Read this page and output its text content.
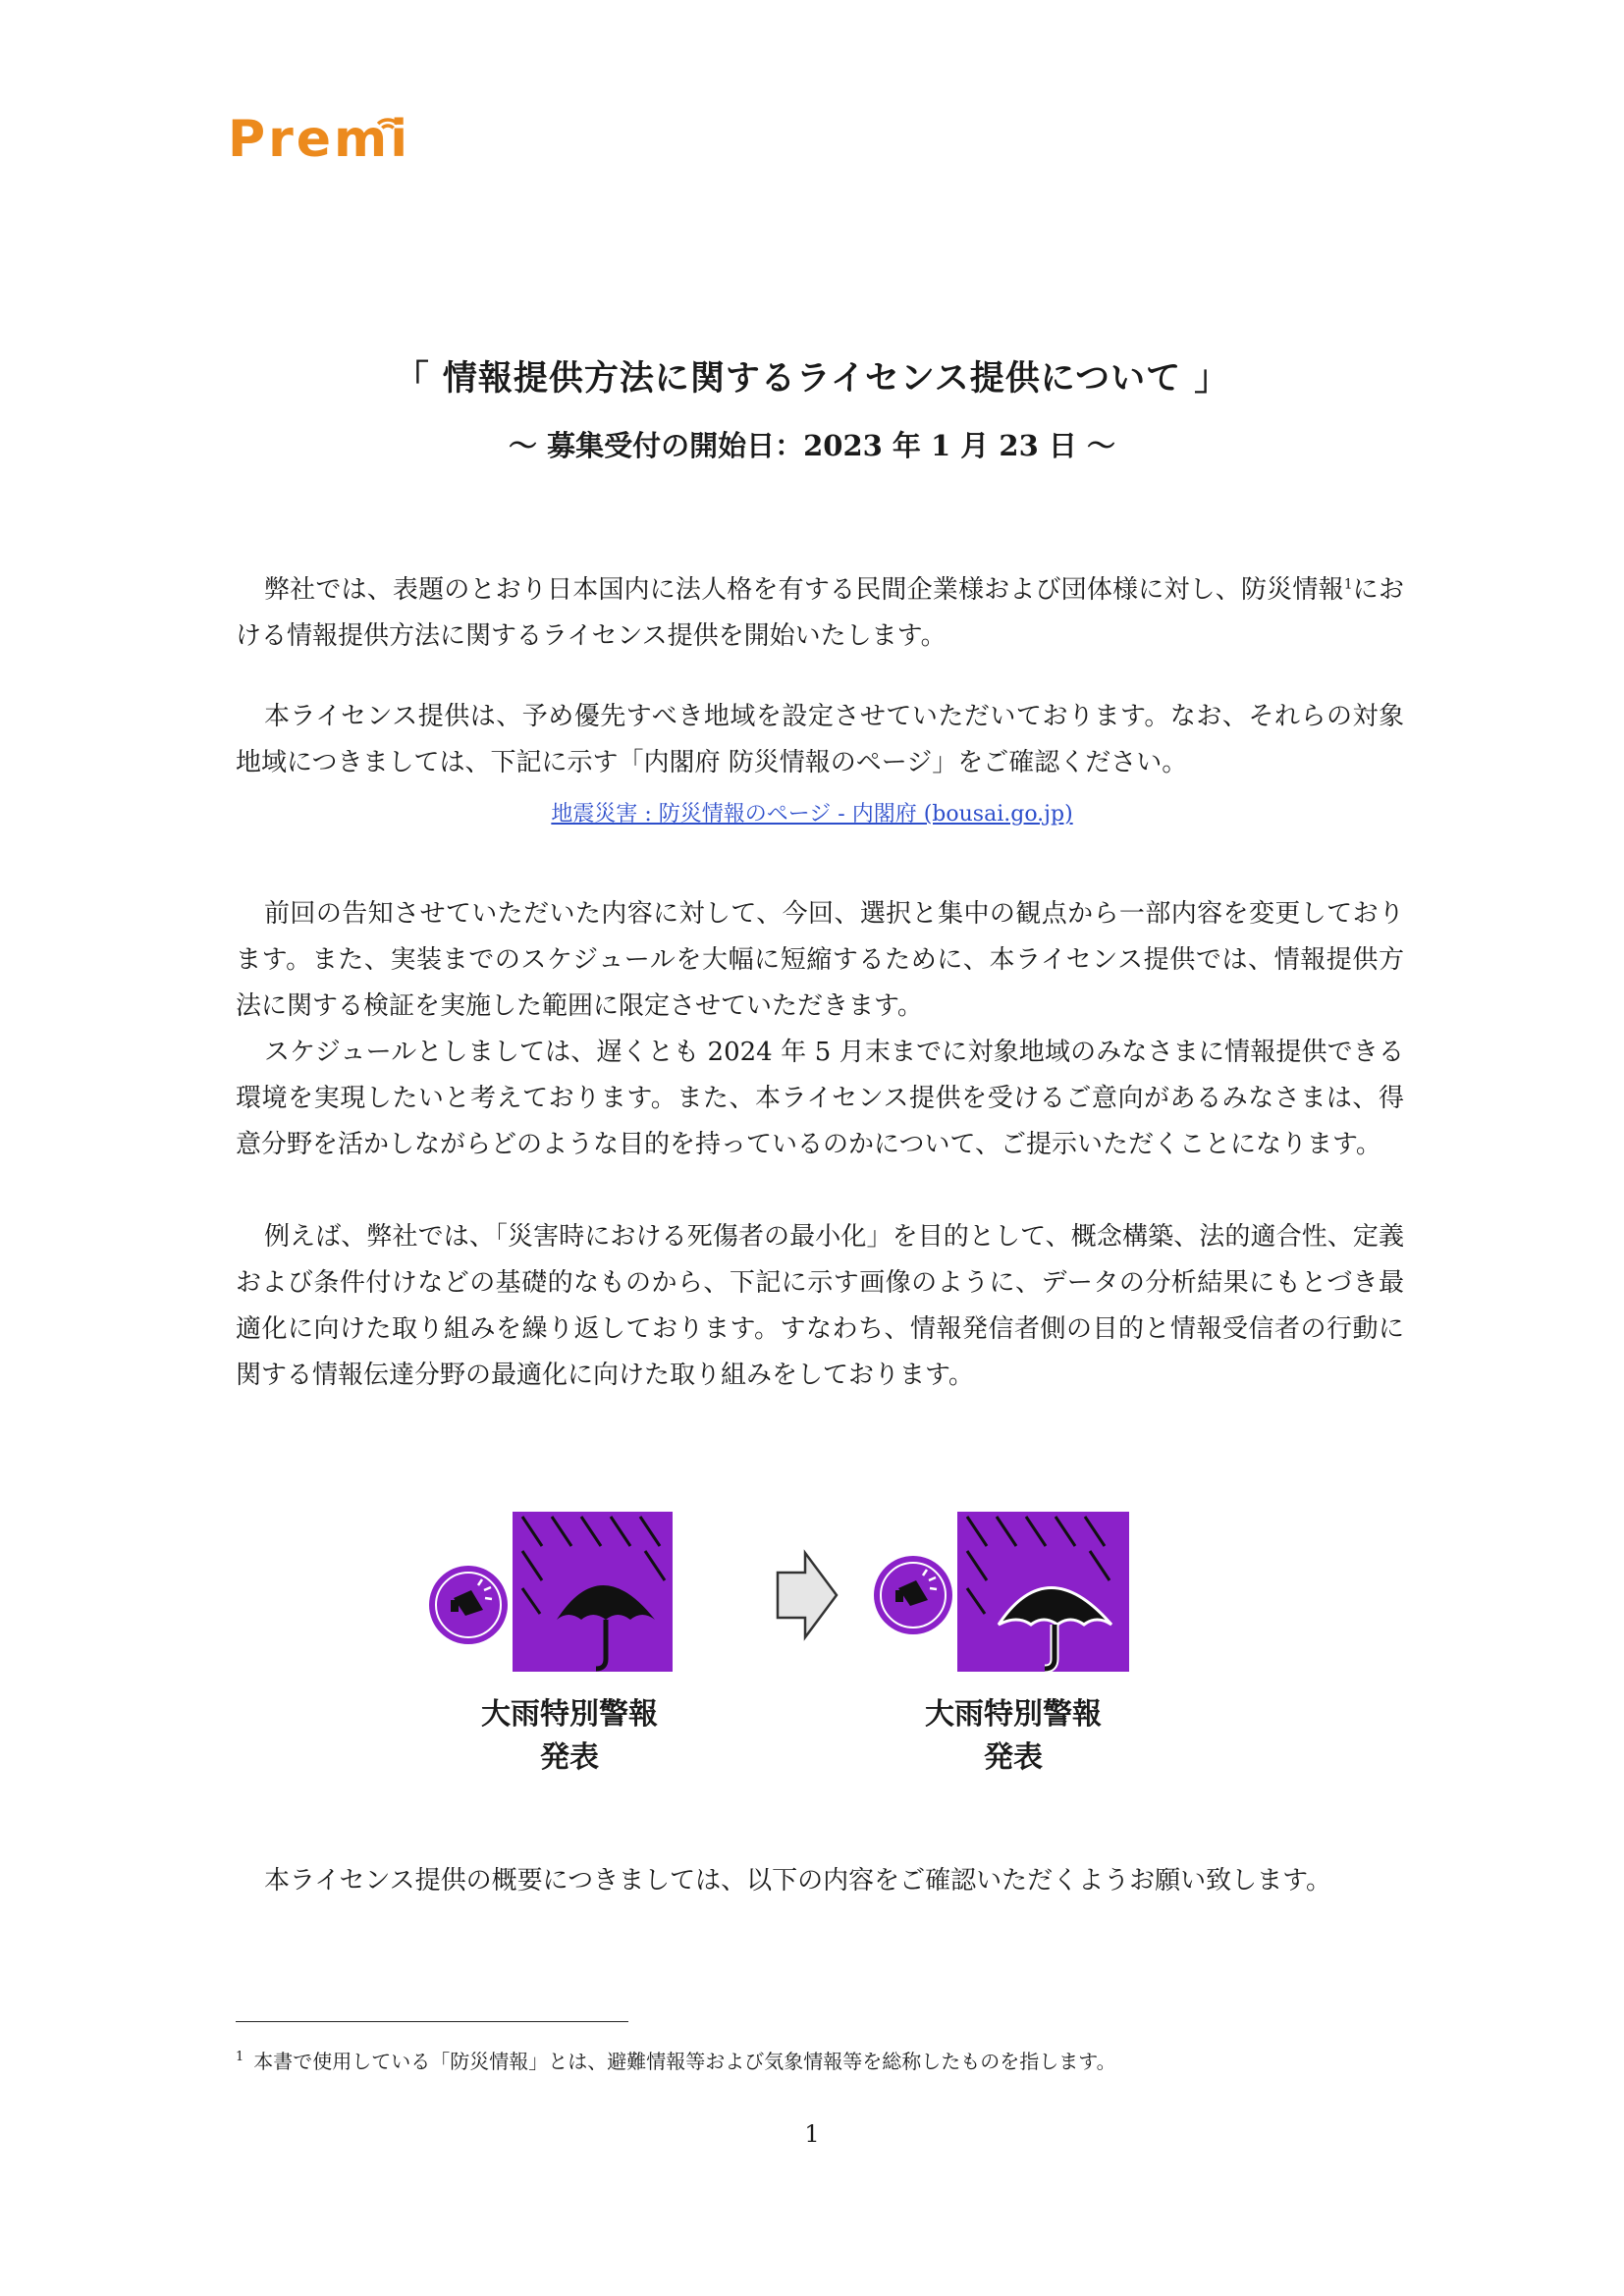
Premi
「 情報提供方法に関するライセンス提供について 」
〜 募集受付の開始日：2023 年 1 月 23 日 〜
弊社では、表題のとおり日本国内に法人格を有する民間企業様および団体様に対し、防災情報$^1$における情報提供方法に関するライセンス提供を開始いたします。
本ライセンス提供は、予め優先すべき地域を設定させていただいております。なお、それらの対象地域につきましては、下記に示す「内閣府 防災情報のページ」をご確認ください。
地震災害 : 防災情報のページ - 内閣府 (bousai.go.jp)
前回の告知させていただいた内容に対して、今回、選択と集中の観点から一部内容を変更しております。また、実装までのスケジュールを大幅に短縮するために、本ライセンス提供では、情報提供方法に関する検証を実施した範囲に限定させていただきます。
スケジュールとしましては、遅くとも 2024 年 5 月末までに対象地域のみなさまに情報提供できる環境を実現したいと考えております。また、本ライセンス提供を受けるご意向があるみなさまは、得意分野を活かしながらどのような目的を持っているのかについて、ご提示いただくことになります。
例えば、弊社では、「災害時における死傷者の最小化」を目的として、概念構築、法的適合性、定義および条件付けなどの基礎的なものから、下記に示す画像のように、データの分析結果にもとづき最適化に向けた取り組みを繰り返しております。すなわち、情報発信者側の目的と情報受信者の行動に関する情報伝達分野の最適化に向けた取り組みをしております。
大雨特別警報
発表
大雨特別警報
発表
本ライセンス提供の概要につきましては、以下の内容をご確認いただくようお願い致します。
$^1$ 本書で使用している「防災情報」とは、避難情報等および気象情報等を総称したものを指します。
1
